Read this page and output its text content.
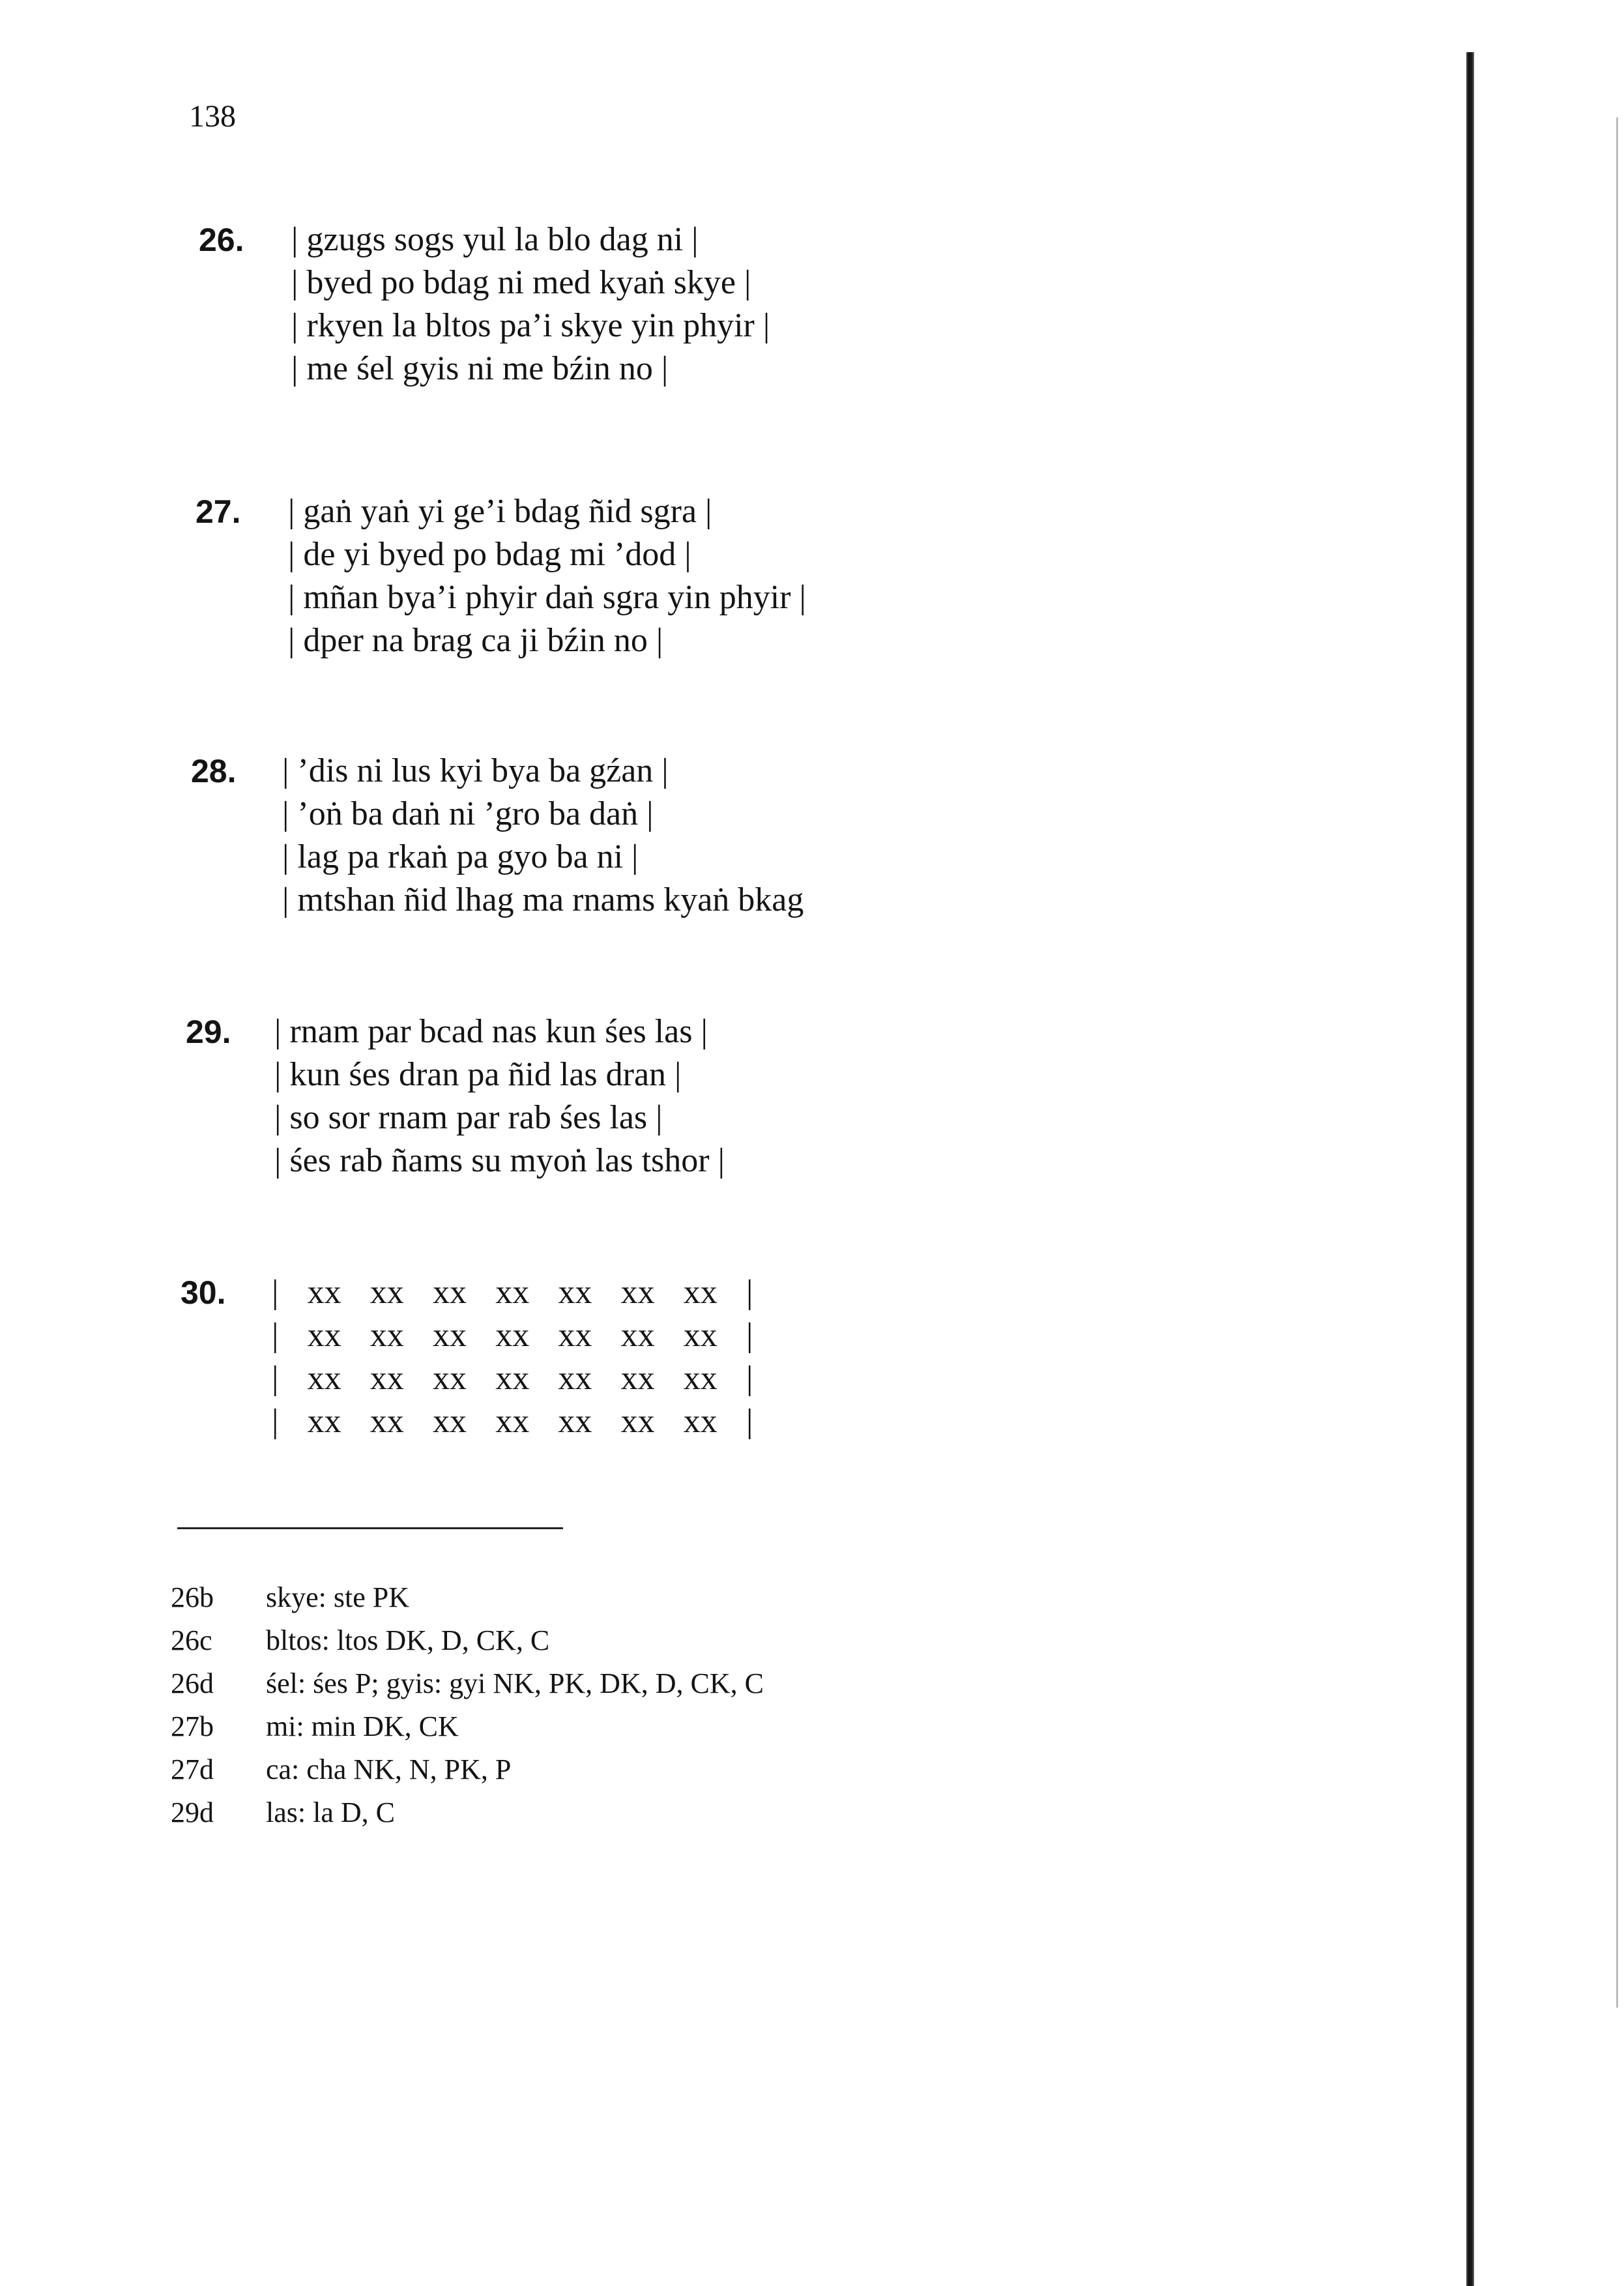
138
26. | gzugs sogs yul la blo dag ni |
| byed po bdag ni med kyaṅ skye |
| rkyen la bltos pa’i skye yin phyir |
| me śel gyis ni me bźin no |
27. | gaṅ yaṅ yi ge’i bdag ñid sgra |
| de yi byed po bdag mi ’dod |
| mñan bya’i phyir daṅ sgra yin phyir |
| dper na brag ca ji bźin no |
28. | ’dis ni lus kyi bya ba gźan |
| ’oṅ ba daṅ ni ’gro ba daṅ |
| lag pa rkaṅ pa gyo ba ni |
| mtshan ñid lhag ma rnams kyaṅ bkag
29. | rnam par bcad nas kun śes las |
| kun śes dran pa ñid las dran |
| so sor rnam par rab śes las |
| śes rab ñams su myoṅ las tshor |
30. | xx xx xx xx xx xx xx |
| xx xx xx xx xx xx xx |
| xx xx xx xx xx xx xx |
| xx xx xx xx xx xx xx |
26b skye: ste PK
26c bltos: ltos DK, D, CK, C
26d śel: śes P; gyis: gyi NK, PK, DK, D, CK, C
27b mi: min DK, CK
27d ca: cha NK, N, PK, P
29d las: la D, C
